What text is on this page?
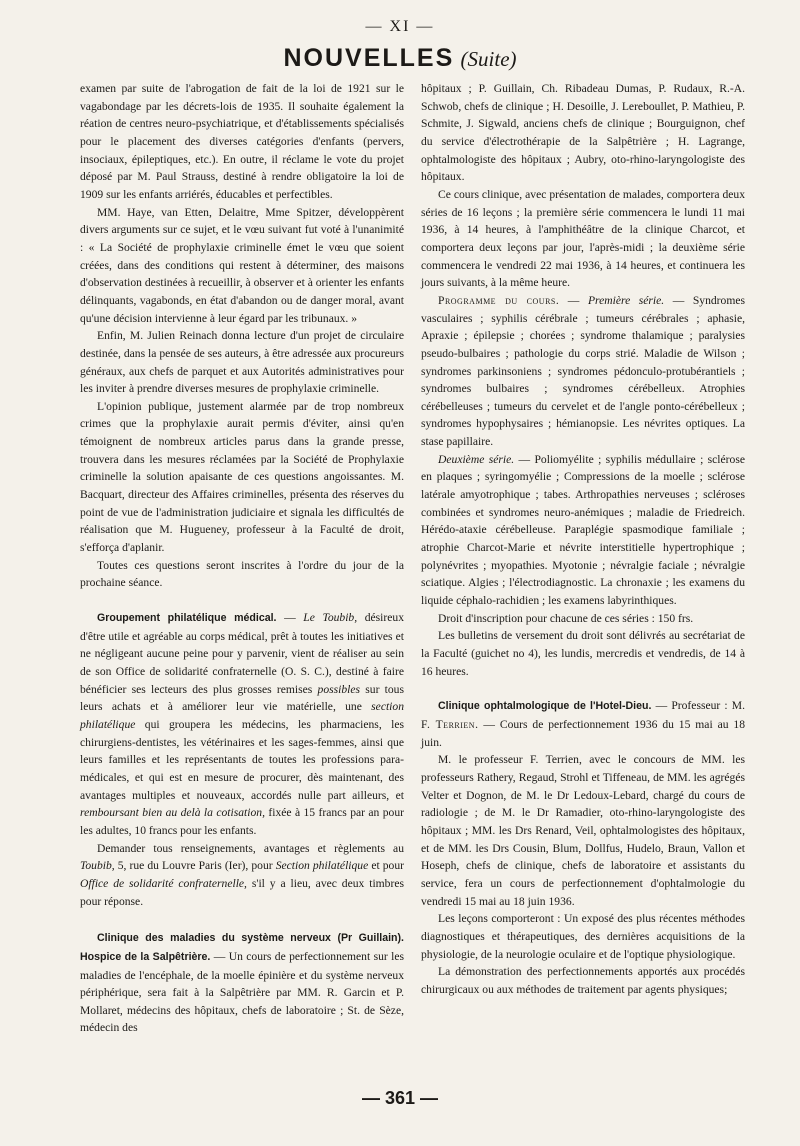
— XI —
NOUVELLES (Suite)

examen par suite de l'abrogation de fait de la loi de 1921 sur le vagabondage par les décrets-lois de 1935. Il souhaite également la réation de centres neuro-psychiatrique, et d'établissements spécialisés pour le placement des diverses catégories d'enfants (pervers, insociaux, épileptiques, etc.). En outre, il réclame le vote du projet déposé par M. Paul Strauss, destiné à rendre obligatoire la loi de 1909 sur les enfants arriérés, éducables et perfectibles.

MM. Haye, van Etten, Delaitre, Mme Spitzer, développèrent divers arguments sur ce sujet, et le vœu suivant fut voté à l'unanimité : « La Société de prophylaxie criminelle émet le vœu que soient créées, dans des conditions qui restent à déterminer, des maisons d'observation destinées à recueillir, à observer et à orienter les enfants délinquants, vagabonds, en état d'abandon ou de danger moral, avant qu'une décision intervienne à leur égard par les tribunaux. »

Enfin, M. Julien Reinach donna lecture d'un projet de circulaire destinée, dans la pensée de ses auteurs, à être adressée aux procureurs généraux, aux chefs de parquet et aux Autorités administratives pour les inviter à prendre diverses mesures de prophylaxie criminelle.

L'opinion publique, justement alarmée par de trop nombreux crimes que la prophylaxie aurait permis d'éviter, ainsi qu'en témoignent de nombreux articles parus dans la grande presse, trouvera dans les mesures réclamées par la Société de Prophylaxie criminelle la solution apaisante de ces questions angoissantes. M. Bacquart, directeur des Affaires criminelles, présenta des réserves du point de vue de l'administration judiciaire et signala les difficultés de réalisation que M. Hugueney, professeur à la Faculté de droit, s'efforça d'aplanir.

Toutes ces questions seront inscrites à l'ordre du jour de la prochaine séance.

Groupement philatélique médical. — Le Toubib, désireux d'être utile et agréable au corps médical, prêt à toutes les initiatives et ne négligeant aucune peine pour y parvenir, vient de réaliser au sein de son Office de solidarité confraternelle (O. S. C.), destiné à faire bénéficier ses lecteurs des plus grosses remises possibles sur tous leurs achats et à améliorer leur vie matérielle, une section philatélique qui groupera les médecins, les pharmaciens, les chirurgiens-dentistes, les vétérinaires et les sages-femmes, ainsi que leurs familles et les représentants de toutes les professions para-médicales, et qui est en mesure de procurer, dès maintenant, des avantages multiples et nouveaux, accordés nulle part ailleurs, et remboursant bien au delà la cotisation, fixée à 15 francs par an pour les adultes, 10 francs pour les enfants.

Demander tous renseignements, avantages et règlements au Toubib, 5, rue du Louvre Paris (Ier), pour Section philatélique et pour Office de solidarité confraternelle, s'il y a lieu, avec deux timbres pour réponse.

Clinique des maladies du système nerveux (Pr Guillain). Hospice de la Salpêtrière. — Un cours de perfectionnement sur les maladies de l'encéphale, de la moelle épinière et du système nerveux périphérique, sera fait à la Salpêtrière par MM. R. Garcin et P. Mollaret, médecins des hôpitaux, chefs de laboratoire ; St. de Sèze, médecin des

hôpitaux ; P. Guillain, Ch. Ribadeau Dumas, P. Rudaux, R.-A. Schwob, chefs de clinique ; H. Desoille, J. Lereboullet, P. Mathieu, P. Schmite, J. Sigwald, anciens chefs de clinique ; Bourguignon, chef du service d'électrothérapie de la Salpêtrière ; H. Lagrange, ophtalmologiste des hôpitaux ; Aubry, oto-rhino-laryngologiste des hôpitaux.

Ce cours clinique, avec présentation de malades, comportera deux séries de 16 leçons ; la première série commencera le lundi 11 mai 1936, à 14 heures, à l'amphithéâtre de la clinique Charcot, et comportera deux leçons par jour, l'après-midi ; la deuxième série commencera le vendredi 22 mai 1936, à 14 heures, et continuera les jours suivants, à la même heure.

Programme du cours. — Première série. — Syndromes vasculaires ; syphilis cérébrale ; tumeurs cérébrales ; aphasie, Apraxie ; épilepsie ; chorées ; syndrome thalamique ; paralysies pseudo-bulbaires ; pathologie du corps strié. Maladie de Wilson ; syndromes parkinsoniens ; syndromes pédonculo-protubérantiels ; syndromes bulbaires ; syndromes cérébelleux. Atrophies cérébelleuses ; tumeurs du cervelet et de l'angle ponto-cérébelleux ; syndromes hypophysaires ; hémianopsie. Les névrites optiques. La stase papillaire.

Deuxième série. — Poliomyélite ; syphilis médullaire ; sclérose en plaques ; syringomyélie ; Compressions de la moelle ; sclérose latérale amyotrophique ; tabes. Arthropathies nerveuses ; scléroses combinées et syndromes neuro-anémiques ; maladie de Friedreich. Hérédo-ataxie cérébelleuse. Paraplégie spasmodique familiale ; atrophie Charcot-Marie et névrite interstitielle hypertrophique ; polynévrites ; myopathies. Myotonie ; névralgie faciale ; névralgie sciatique. Algies ; l'électrodiagnostic. La chronaxie ; les examens du liquide céphalo-rachidien ; les examens labyrinthiques.

Droit d'inscription pour chacune de ces séries : 150 frs.

Les bulletins de versement du droit sont délivrés au secrétariat de la Faculté (guichet no 4), les lundis, mercredis et vendredis, de 14 à 16 heures.

Clinique ophtalmologique de l'Hotel-Dieu. — Professeur : M. F. Terrien. — Cours de perfectionnement 1936 du 15 mai au 18 juin.

M. le professeur F. Terrien, avec le concours de MM. les professeurs Rathery, Regaud, Strohl et Tiffeneau, de MM. les agrégés Velter et Dognon, de M. le Dr Ledoux-Lebard, chargé du cours de radiologie ; de M. le Dr Ramadier, oto-rhino-laryngologiste des hôpitaux ; MM. les Drs Renard, Veil, ophtalmologistes des hôpitaux, et de MM. les Drs Cousin, Blum, Dollfus, Hudelo, Braun, Vallon et Hoseph, chefs de clinique, chefs de laboratoire et assistants du service, fera un cours de perfectionnement d'ophtalmologie du vendredi 15 mai au 18 juin 1936.

Les leçons comporteront : Un exposé des plus récentes méthodes diagnostiques et thérapeutiques, des dernières acquisitions de la physiologie, de la neurologie oculaire et de l'optique physiologique.

La démonstration des perfectionnements apportés aux procédés chirurgicaux ou aux méthodes de traitement par agents physiques;

— 361 —
